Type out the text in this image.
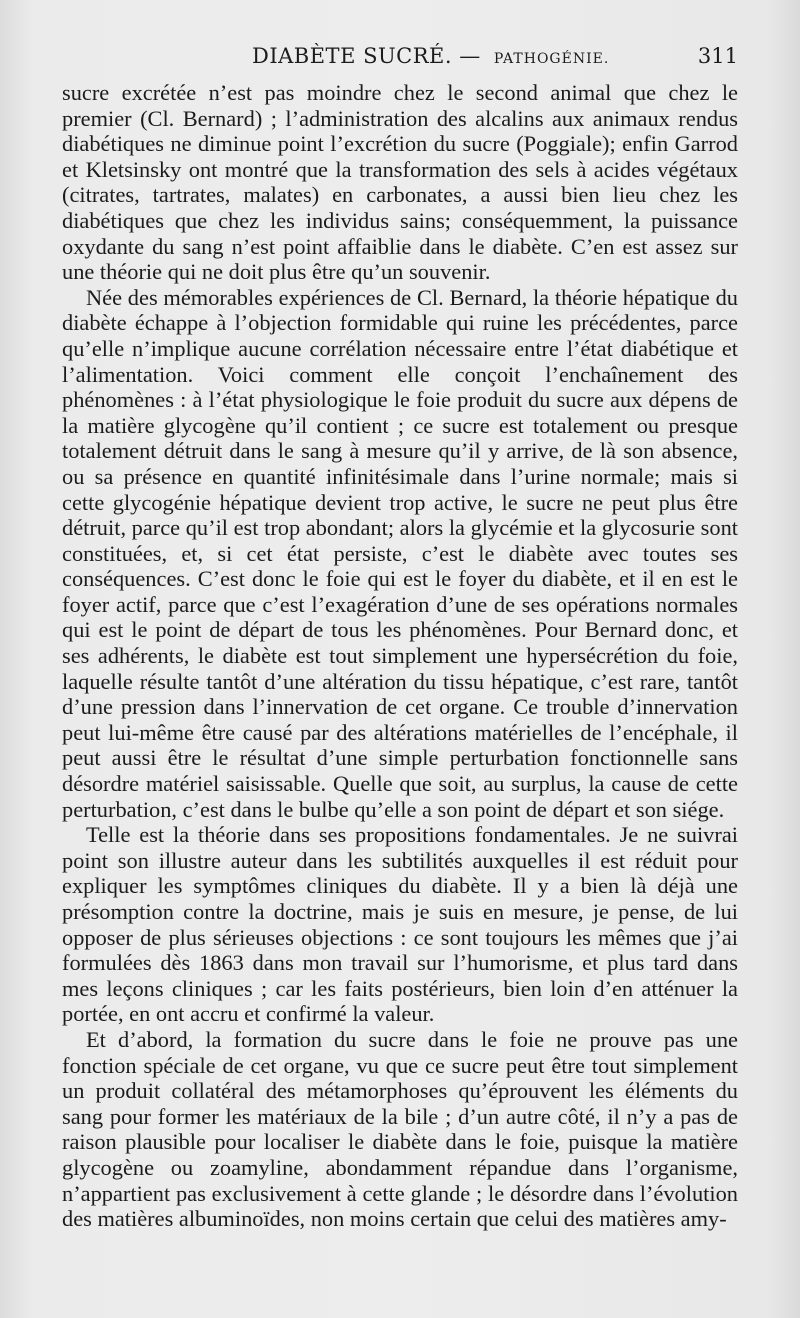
DIABÈTE SUCRÉ. — PATHOGÉNIE.	311

sucre excrétée n’est pas moindre chez le second animal que chez le premier (Cl. Bernard) ; l’administration des alcalins aux animaux rendus diabétiques ne diminue point l’excrétion du sucre (Poggiale); enfin Garrod et Kletsinsky ont montré que la transformation des sels à acides végétaux (citrates, tartrates, malates) en carbonates, a aussi bien lieu chez les diabétiques que chez les individus sains; conséquemment, la puissance oxydante du sang n’est point affaiblie dans le diabète. C’en est assez sur une théorie qui ne doit plus être qu’un souvenir.

Née des mémorables expériences de Cl. Bernard, la théorie hépatique du diabète échappe à l’objection formidable qui ruine les précédentes, parce qu’elle n’implique aucune corrélation nécessaire entre l’état diabétique et l’alimentation. Voici comment elle conçoit l’enchaînement des phénomènes : à l’état physiologique le foie produit du sucre aux dépens de la matière glycogène qu’il contient ; ce sucre est totalement ou presque totalement détruit dans le sang à mesure qu’il y arrive, de là son absence, ou sa présence en quantité infinitésimale dans l’urine normale; mais si cette glycogénie hépatique devient trop active, le sucre ne peut plus être détruit, parce qu’il est trop abondant; alors la glycémie et la glycosurie sont constituées, et, si cet état persiste, c’est le diabète avec toutes ses conséquences. C’est donc le foie qui est le foyer du diabète, et il en est le foyer actif, parce que c’est l’exagération d’une de ses opérations normales qui est le point de départ de tous les phénomènes. Pour Bernard donc, et ses adhérents, le diabète est tout simplement une hypersécrétion du foie, laquelle résulte tantôt d’une altération du tissu hépatique, c’est rare, tantôt d’une pression dans l’innervation de cet organe. Ce trouble d’innervation peut lui-même être causé par des altérations matérielles de l’encéphale, il peut aussi être le résultat d’une simple perturbation fonctionnelle sans désordre matériel saisissable. Quelle que soit, au surplus, la cause de cette perturbation, c’est dans le bulbe qu’elle a son point de départ et son siége.

Telle est la théorie dans ses propositions fondamentales. Je ne suivrai point son illustre auteur dans les subtilités auxquelles il est réduit pour expliquer les symptômes cliniques du diabète. Il y a bien là déjà une présomption contre la doctrine, mais je suis en mesure, je pense, de lui opposer de plus sérieuses objections : ce sont toujours les mêmes que j’ai formulées dès 1863 dans mon travail sur l’humorisme, et plus tard dans mes leçons cliniques ; car les faits postérieurs, bien loin d’en atténuer la portée, en ont accru et confirmé la valeur.

Et d’abord, la formation du sucre dans le foie ne prouve pas une fonction spéciale de cet organe, vu que ce sucre peut être tout simplement un produit collatéral des métamorphoses qu’éprouvent les éléments du sang pour former les matériaux de la bile ; d’un autre côté, il n’y a pas de raison plausible pour localiser le diabète dans le foie, puisque la matière glycogène ou zoamyline, abondamment répandue dans l’organisme, n’appartient pas exclusivement à cette glande ; le désordre dans l’évolution des matières albuminoïdes, non moins certain que celui des matières amy-
